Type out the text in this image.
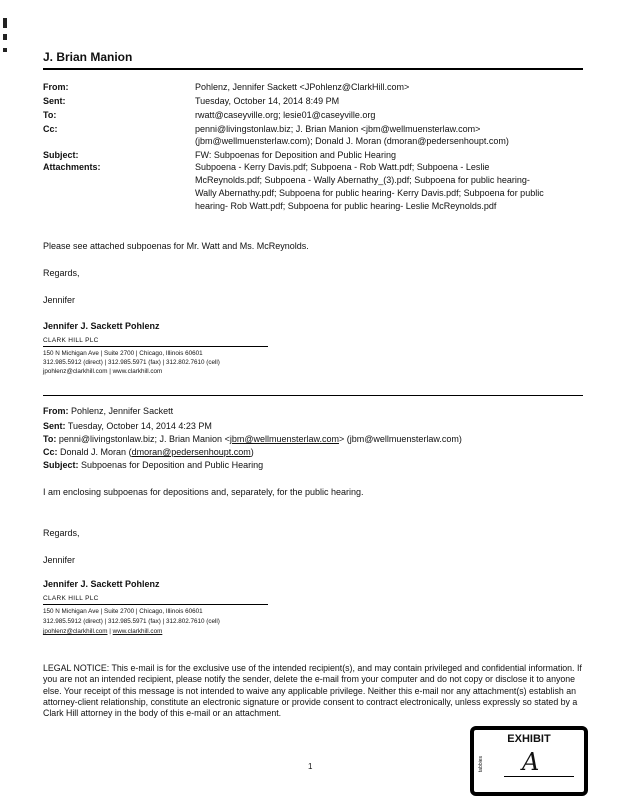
J. Brian Manion
From:	Pohlenz, Jennifer Sackett <JPohlenz@ClarkHill.com>
Sent:	Tuesday, October 14, 2014 8:49 PM
To:	rwatt@caseyville.org; lesie01@caseyville.org
Cc:	penni@livingstonlaw.biz; J. Brian Manion <jbm@wellmuensterlaw.com>
(jbm@wellmuensterlaw.com); Donald J. Moran (dmoran@pedersenhoupt.com)
Subject:	FW: Subpoenas for Deposition and Public Hearing
Attachments:	Subpoena - Kerry Davis.pdf; Subpoena - Rob Watt.pdf; Subpoena - Leslie
McReynolds.pdf; Subpoena - Wally Abernathy_(3).pdf; Subpoena for public hearing-
Wally Abernathy.pdf; Subpoena for public hearing- Kerry Davis.pdf; Subpoena for public
hearing- Rob Watt.pdf; Subpoena for public hearing- Leslie McReynolds.pdf
Please see attached subpoenas for Mr. Watt and Ms. McReynolds.
Regards,
Jennifer
Jennifer J. Sackett Pohlenz
CLARK HILL PLC
150 N Michigan Ave | Suite 2700 | Chicago, Illinois 60601
312.985.5912 (direct) | 312.985.5971 (fax) | 312.802.7610 (cell)
jpohlenz@clarkhill.com | www.clarkhill.com
From: Pohlenz, Jennifer Sackett
Sent: Tuesday, October 14, 2014 4:23 PM
To: penni@livingstonlaw.biz; J. Brian Manion <jbm@wellmuensterlaw.com> (jbm@wellmuensterlaw.com)
Cc: Donald J. Moran (dmoran@pedersenhoupt.com)
Subject: Subpoenas for Deposition and Public Hearing
I am enclosing subpoenas for depositions and, separately, for the public hearing.
Regards,
Jennifer
Jennifer J. Sackett Pohlenz
CLARK HILL PLC
150 N Michigan Ave | Suite 2700 | Chicago, Illinois 60601
312.985.5912 (direct) | 312.985.5971 (fax) | 312.802.7610 (cell)
jpohlenz@clarkhill.com | www.clarkhill.com
LEGAL NOTICE: This e-mail is for the exclusive use of the intended recipient(s), and may contain privileged and confidential information. If you are not an intended recipient, please notify the sender, delete the e-mail from your computer and do not copy or disclose it to anyone else. Your receipt of this message is not intended to waive any applicable privilege. Neither this e-mail nor any attachment(s) establish an attorney-client relationship, constitute an electronic signature or provide consent to contract electronically, unless expressly so stated by a Clark Hill attorney in the body of this e-mail or an attachment.
1
EXHIBIT
tabbies A
